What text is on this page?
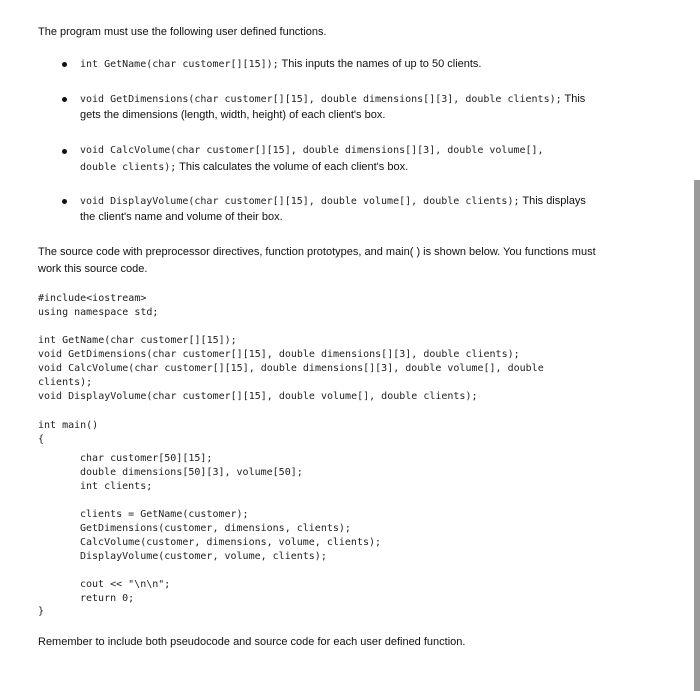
The program must use the following user defined functions.
int GetName(char customer[][15]); This inputs the names of up to 50 clients.
void GetDimensions(char customer[][15], double dimensions[][3], double clients); This
gets the dimensions (length, width, height) of each client's box.
void CalcVolume(char customer[][15], double dimensions[][3], double volume[],
double clients); This calculates the volume of each client's box.
void DisplayVolume(char customer[][15], double volume[], double clients); This displays
the client's name and volume of their box.
The source code with preprocessor directives, function prototypes, and main( ) is shown below. You functions must
work this source code.
#include<iostream>
using namespace std;
int GetName(char customer[][15]);
void GetDimensions(char customer[][15], double dimensions[][3], double clients);
void CalcVolume(char customer[][15], double dimensions[][3], double volume[], double
clients);
void DisplayVolume(char customer[][15], double volume[], double clients);
int main()
{
char customer[50][15];
double dimensions[50][3], volume[50];
int clients;
clients = GetName(customer);
GetDimensions(customer, dimensions, clients);
CalcVolume(customer, dimensions, volume, clients);
DisplayVolume(customer, volume, clients);
cout << "\n\n";
return 0;
}
Remember to include both pseudocode and source code for each user defined function.
